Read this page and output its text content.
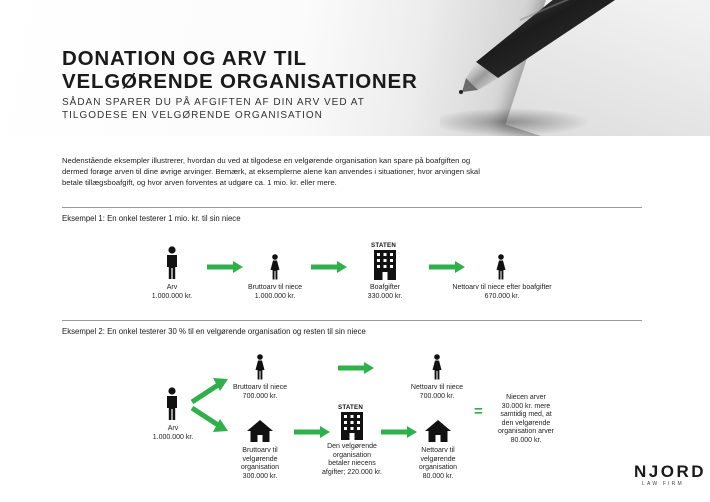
DONATION OG ARV TIL
VELGØRENDE ORGANISATIONER
SÅDAN SPARER DU PÅ AFGIFTEN AF DIN ARV VED AT
TILGODESE EN VELGØRENDE ORGANISATION
Nedenstående eksempler illustrerer, hvordan du ved at tilgodese en velgørende organisation kan spare på boafgiften og
dermed forøge arven til dine øvrige arvinger. Bemærk, at eksemplerne alene kan anvendes i situationer, hvor arvingen skal
betale tillægsboafgift, og hvor arven forventes at udgøre ca. 1 mio. kr. eller mere.
Eksempel 1: En onkel testerer 1 mio. kr. til sin niece
Arv
1.000.000 kr.
Bruttoarv til niece
1.000.000 kr.
STATEN
Boafgifter
330.000 kr.
Nettoarv til niece efter boafgifter
670.000 kr.
Eksempel 2: En onkel testerer 30 % til en velgørende organisation og resten til sin niece
Arv
1.000.000 kr.
Bruttoarv til niece
700.000 kr.
Nettoarv til niece
700.000 kr.
Bruttoarv til
velgørende
organisation
300.000 kr.
STATEN
Den velgørende
organisation
betaler niecens
afgifter; 220.000 kr.
Nettoarv til
velgørende
organisation
80.000 kr.
=
Niecen arver
30.000 kr. mere
samtidig med, at
den velgørende
organisation arver
80.000 kr.
NJORD
LAW FIRM
